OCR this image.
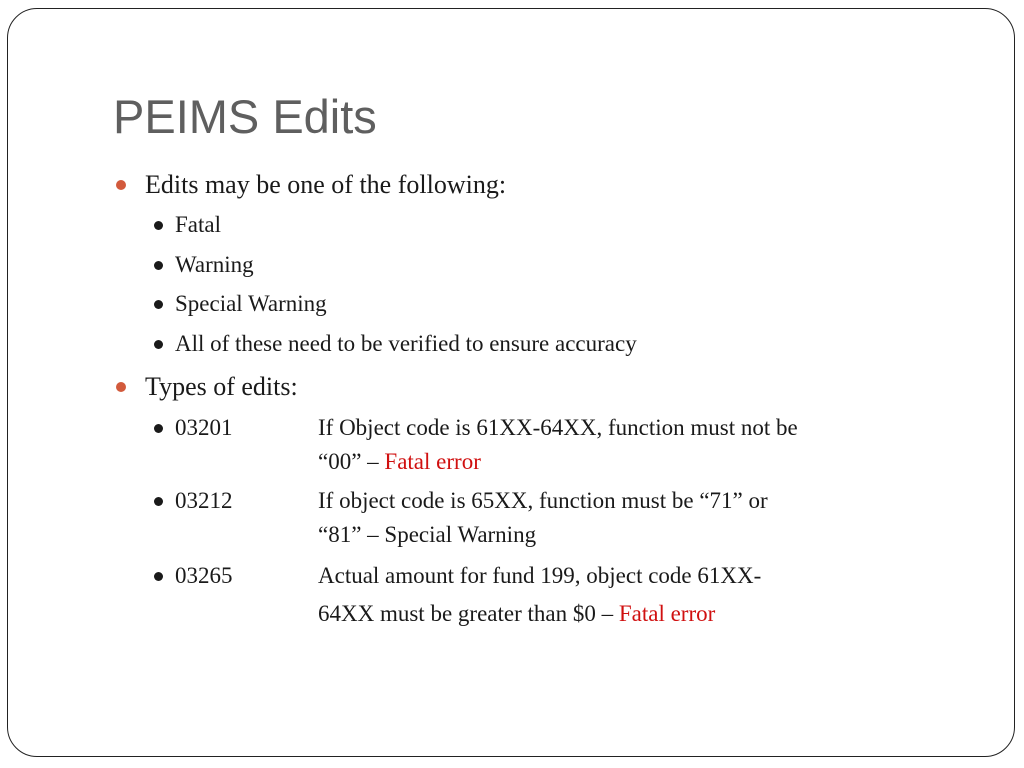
PEIMS Edits
Edits may be one of the following:
Fatal
Warning
Special Warning
All of these need to be verified to ensure accuracy
Types of edits:
03201	If Object code is 61XX-64XX, function must not be
“00” – Fatal error
03212	If object code is 65XX, function must be “71” or
“81” – Special Warning
03265	Actual amount for fund 199, object code 61XX-
64XX must be greater than $0 – Fatal error
